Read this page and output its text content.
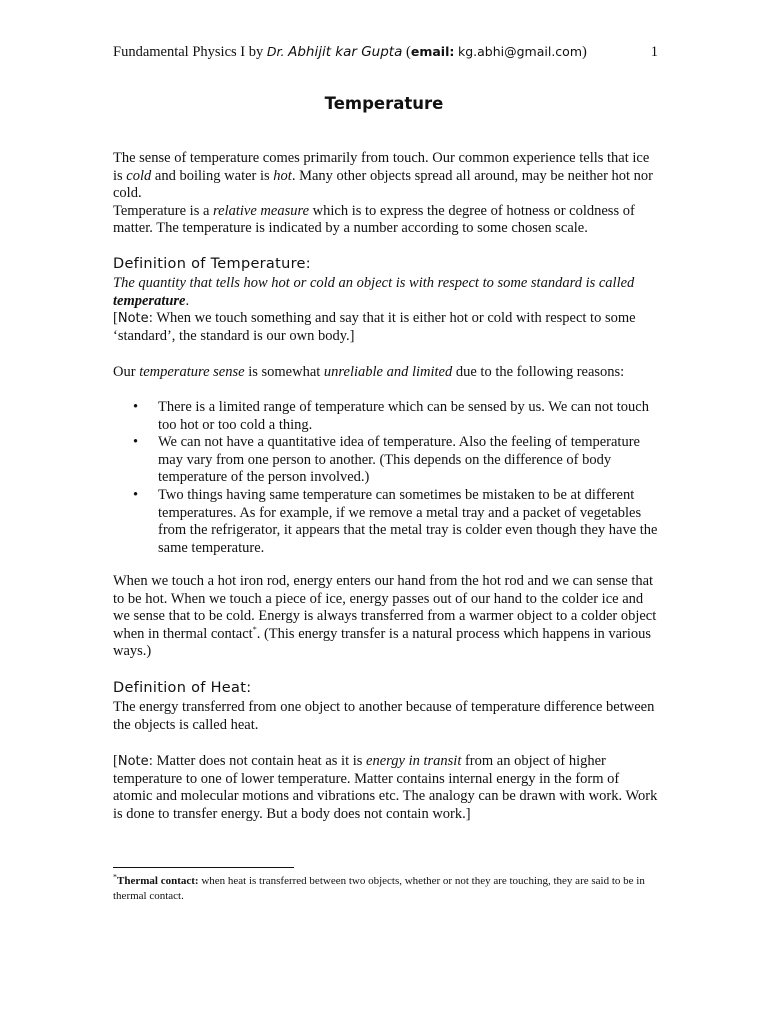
Fundamental Physics I by Dr. Abhijit kar Gupta (email: kg.abhi@gmail.com)	1
Temperature

The sense of temperature comes primarily from touch. Our common experience tells that ice is cold and boiling water is hot. Many other objects spread all around, may be neither hot nor cold.

Temperature is a relative measure which is to express the degree of hotness or coldness of matter. The temperature is indicated by a number according to some chosen scale.

Definition of Temperature:

The quantity that tells how hot or cold an object is with respect to some standard is called temperature.

[Note: When we touch something and say that it is either hot or cold with respect to some ‘standard’, the standard is our own body.]

Our temperature sense is somewhat unreliable and limited due to the following reasons:

• There is a limited range of temperature which can be sensed by us. We can not touch too hot or too cold a thing.
• We can not have a quantitative idea of temperature. Also the feeling of temperature may vary from one person to another. (This depends on the difference of body temperature of the person involved.)
• Two things having same temperature can sometimes be mistaken to be at different temperatures. As for example, if we remove a metal tray and a packet of vegetables from the refrigerator, it appears that the metal tray is colder even though they have the same temperature.

When we touch a hot iron rod, energy enters our hand from the hot rod and we can sense that to be hot. When we touch a piece of ice, energy passes out of our hand to the colder ice and we sense that to be cold. Energy is always transferred from a warmer object to a colder object when in thermal contact*. (This energy transfer is a natural process which happens in various ways.)

Definition of Heat:

The energy transferred from one object to another because of temperature difference between the objects is called heat.

[Note: Matter does not contain heat as it is energy in transit from an object of higher temperature to one of lower temperature. Matter contains internal energy in the form of atomic and molecular motions and vibrations etc. The analogy can be drawn with work. Work is done to transfer energy. But a body does not contain work.]

*Thermal contact: when heat is transferred between two objects, whether or not they are touching, they are said to be in thermal contact.
